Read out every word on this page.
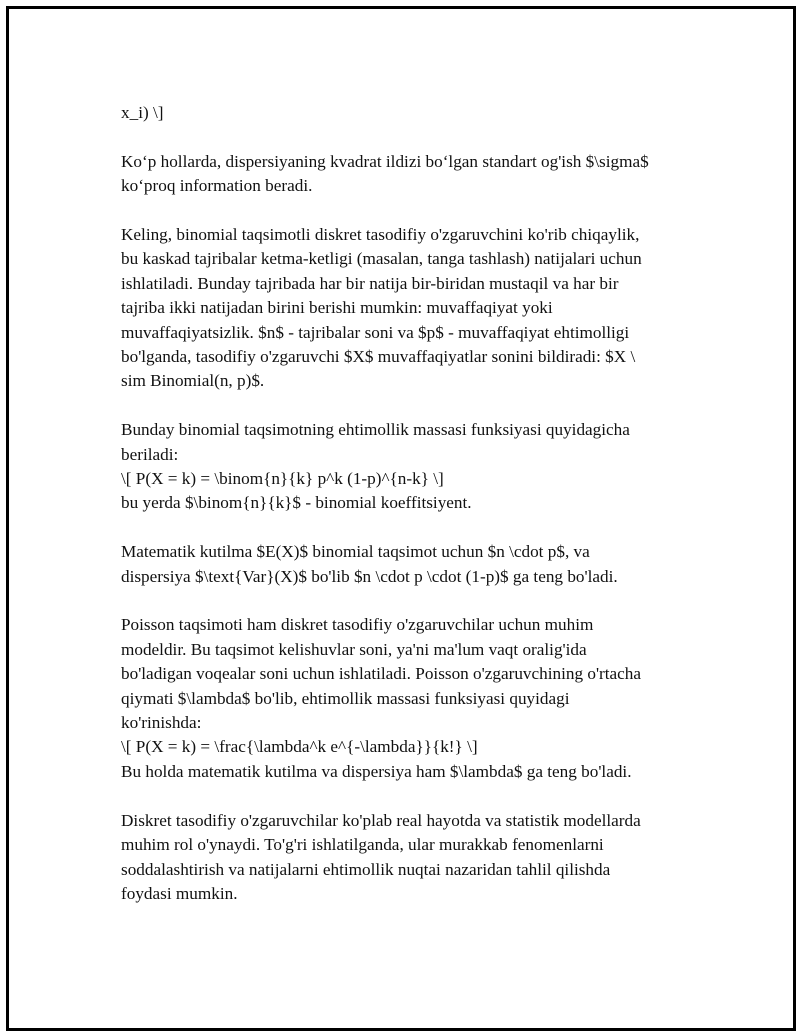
x_i) \]

Koʻp hollarda, dispersiyaning kvadrat ildizi boʻlgan standart og'ish $\sigma$
koʻproq information beradi.

Keling, binomial taqsimotli diskret tasodifiy o'zgaruvchini ko'rib chiqaylik,
bu kaskad tajribalar ketma-ketligi (masalan, tanga tashlash) natijalari uchun
ishlatiladi. Bunday tajribada har bir natija bir-biridan mustaqil va har bir
tajriba ikki natijadan birini berishi mumkin: muvaffaqiyat yoki
muvaffaqiyatsizlik. $n$ - tajribalar soni va $p$ - muvaffaqiyat ehtimolligi
bo'lganda, tasodifiy o'zgaruvchi $X$ muvaffaqiyatlar sonini bildiradi: $X \
sim Binomial(n, p)$.

Bunday binomial taqsimotning ehtimollik massasi funksiyasi quyidagicha
beriladi:
\[ P(X = k) = \binom{n}{k} p^k (1-p)^{n-k} \]
bu yerda $\binom{n}{k}$ - binomial koeffitsiyent.

Matematik kutilma $E(X)$ binomial taqsimot uchun $n \cdot p$, va
dispersiya $\text{Var}(X)$ bo'lib $n \cdot p \cdot (1-p)$ ga teng bo'ladi.

Poisson taqsimoti ham diskret tasodifiy o'zgaruvchilar uchun muhim
modeldir. Bu taqsimot kelishuvlar soni, ya'ni ma'lum vaqt oralig'ida
bo'ladigan voqealar soni uchun ishlatiladi. Poisson o'zgaruvchining o'rtacha
qiymati $\lambda$ bo'lib, ehtimollik massasi funksiyasi quyidagi
ko'rinishda:
\[ P(X = k) = \frac{\lambda^k e^{-\lambda}}{k!} \]
Bu holda matematik kutilma va dispersiya ham $\lambda$ ga teng bo'ladi.

Diskret tasodifiy o'zgaruvchilar ko'plab real hayotda va statistik modellarda
muhim rol o'ynaydi. To'g'ri ishlatilganda, ular murakkab fenomenlarni
soddalashtirish va natijalarni ehtimollik nuqtai nazaridan tahlil qilishda
foydasi mumkin.
